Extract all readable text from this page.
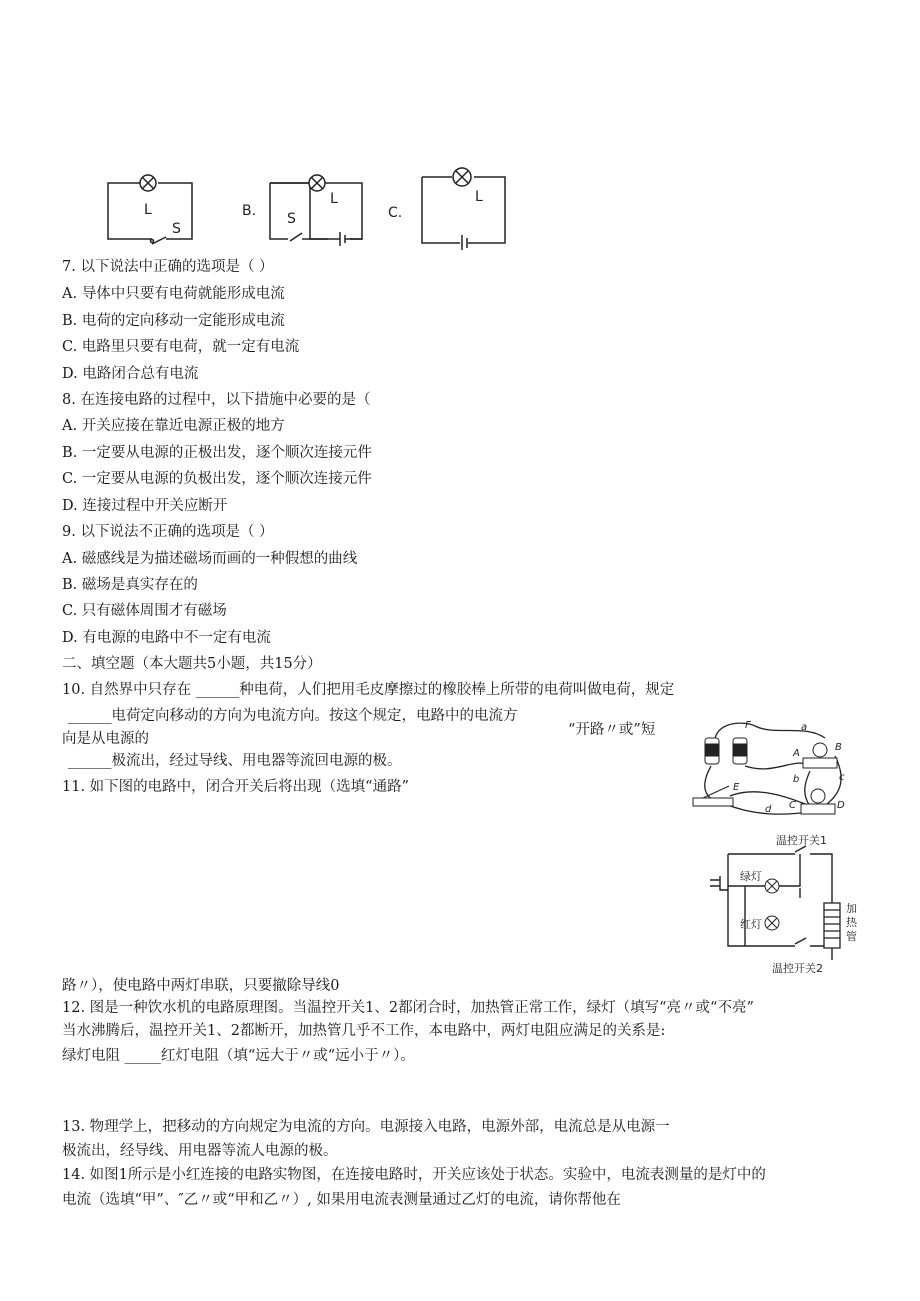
L
S
B.
L
S	C.
L
7. 以下说法中正确的选项是（ ）
A. 导体中只要有电荷就能形成电流
B. 电荷的定向移动一定能形成电流
C. 电路里只要有电荷，就一定有电流
D. 电路闭合总有电流
8. 在连接电路的过程中，以下措施中必要的是（
A. 开关应接在靠近电源正极的地方
B. 一定要从电源的正极出发，逐个顺次连接元件
C. 一定要从电源的负极出发，逐个顺次连接元件
D. 连接过程中开关应断开
9. 以下说法不正确的选项是（ ）
A. 磁感线是为描述磁场而画的一种假想的曲线
B. 磁场是真实存在的
C. 只有磁体周围才有磁场
D. 有电源的电路中不一定有电流
二、填空题（本大题共5小题，共15分）
10. 自然界中只存在 ______种电荷，人们把用毛皮摩擦过的橡胶棒上所带的电荷叫做电荷，规定
______电荷定向移动的方向为电流方向。按这个规定，电路中的电流方
“开路〃或”短
向是从电源的
______极流出，经过导线、用电器等流回电源的极。
11. 如下图的电路中，闭合开关后将出现（选填“通路”
F	a
A
B
b	c
E
C	D
d
温控开关1
温控开关2
绿灯
红灯
加
热
管
路〃），使电路中两灯串联，只要撤除导线0
12. 图是一种饮水机的电路原理图。当温控开关1、2都闭合时，加热管正常工作，绿灯（填写“亮〃或“不亮”
当水沸腾后，温控开关1、2都断开，加热管几乎不工作，本电路中，两灯电阻应满足的关系是:
绿灯电阻 _____红灯电阻（填“远大于〃或“远小于〃）。
13. 物理学上，把移动的方向规定为电流的方向。电源接入电路，电源外部，电流总是从电源一
极流出，经导线、用电器等流人电源的极。
14. 如图1所示是小红连接的电路实物图，在连接电路时，开关应该处于状态。实验中，电流表测量的是灯中的
电流（选填“甲”、″乙〃或“甲和乙〃）, 如果用电流表测量通过乙灯的电流，请你帮他在
